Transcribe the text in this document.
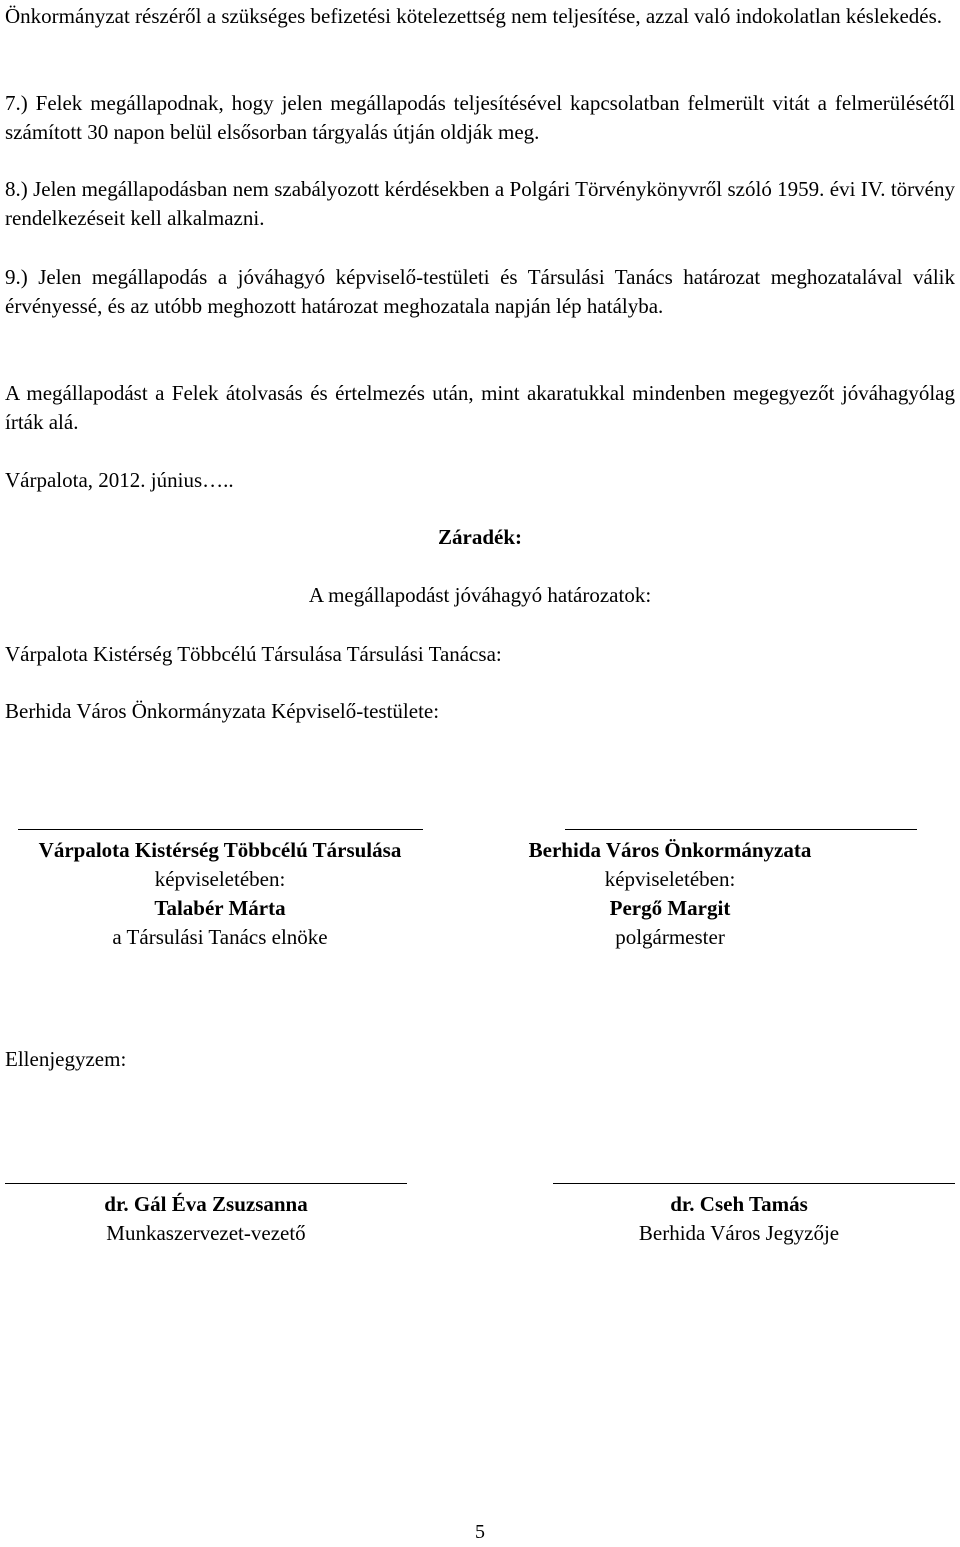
Önkormányzat részéről a szükséges befizetési kötelezettség nem teljesítése, azzal való indokolatlan késlekedés.

7.) Felek megállapodnak, hogy jelen megállapodás teljesítésével kapcsolatban felmerült vitát a felmerülésétől számított 30 napon belül elsősorban tárgyalás útján oldják meg.

8.) Jelen megállapodásban nem szabályozott kérdésekben a Polgári Törvénykönyvről szóló 1959. évi IV. törvény rendelkezéseit kell alkalmazni.

9.) Jelen megállapodás a jóváhagyó képviselő-testületi és Társulási Tanács határozat meghozatalával válik érvényessé, és az utóbb meghozott határozat meghozatala napján lép hatályba.

A megállapodást a Felek átolvasás és értelmezés után, mint akaratukkal mindenben megegyezőt jóváhagyólag írták alá.

Várpalota, 2012. június…..

Záradék:

A megállapodást jóváhagyó határozatok:

Várpalota Kistérség Többcélú Társulása Társulási Tanácsa:

Berhida Város Önkormányzata Képviselő-testülete:

Várpalota Kistérség Többcélú Társulása

képviseletében:

Talabér Márta

a Társulási Tanács elnöke

Berhida Város Önkormányzata

képviseletében:

Pergő Margit

polgármester

Ellenjegyzem:

dr. Gál Éva Zsuzsanna

Munkaszervezet-vezető

dr. Cseh Tamás

Berhida Város Jegyzője

5
